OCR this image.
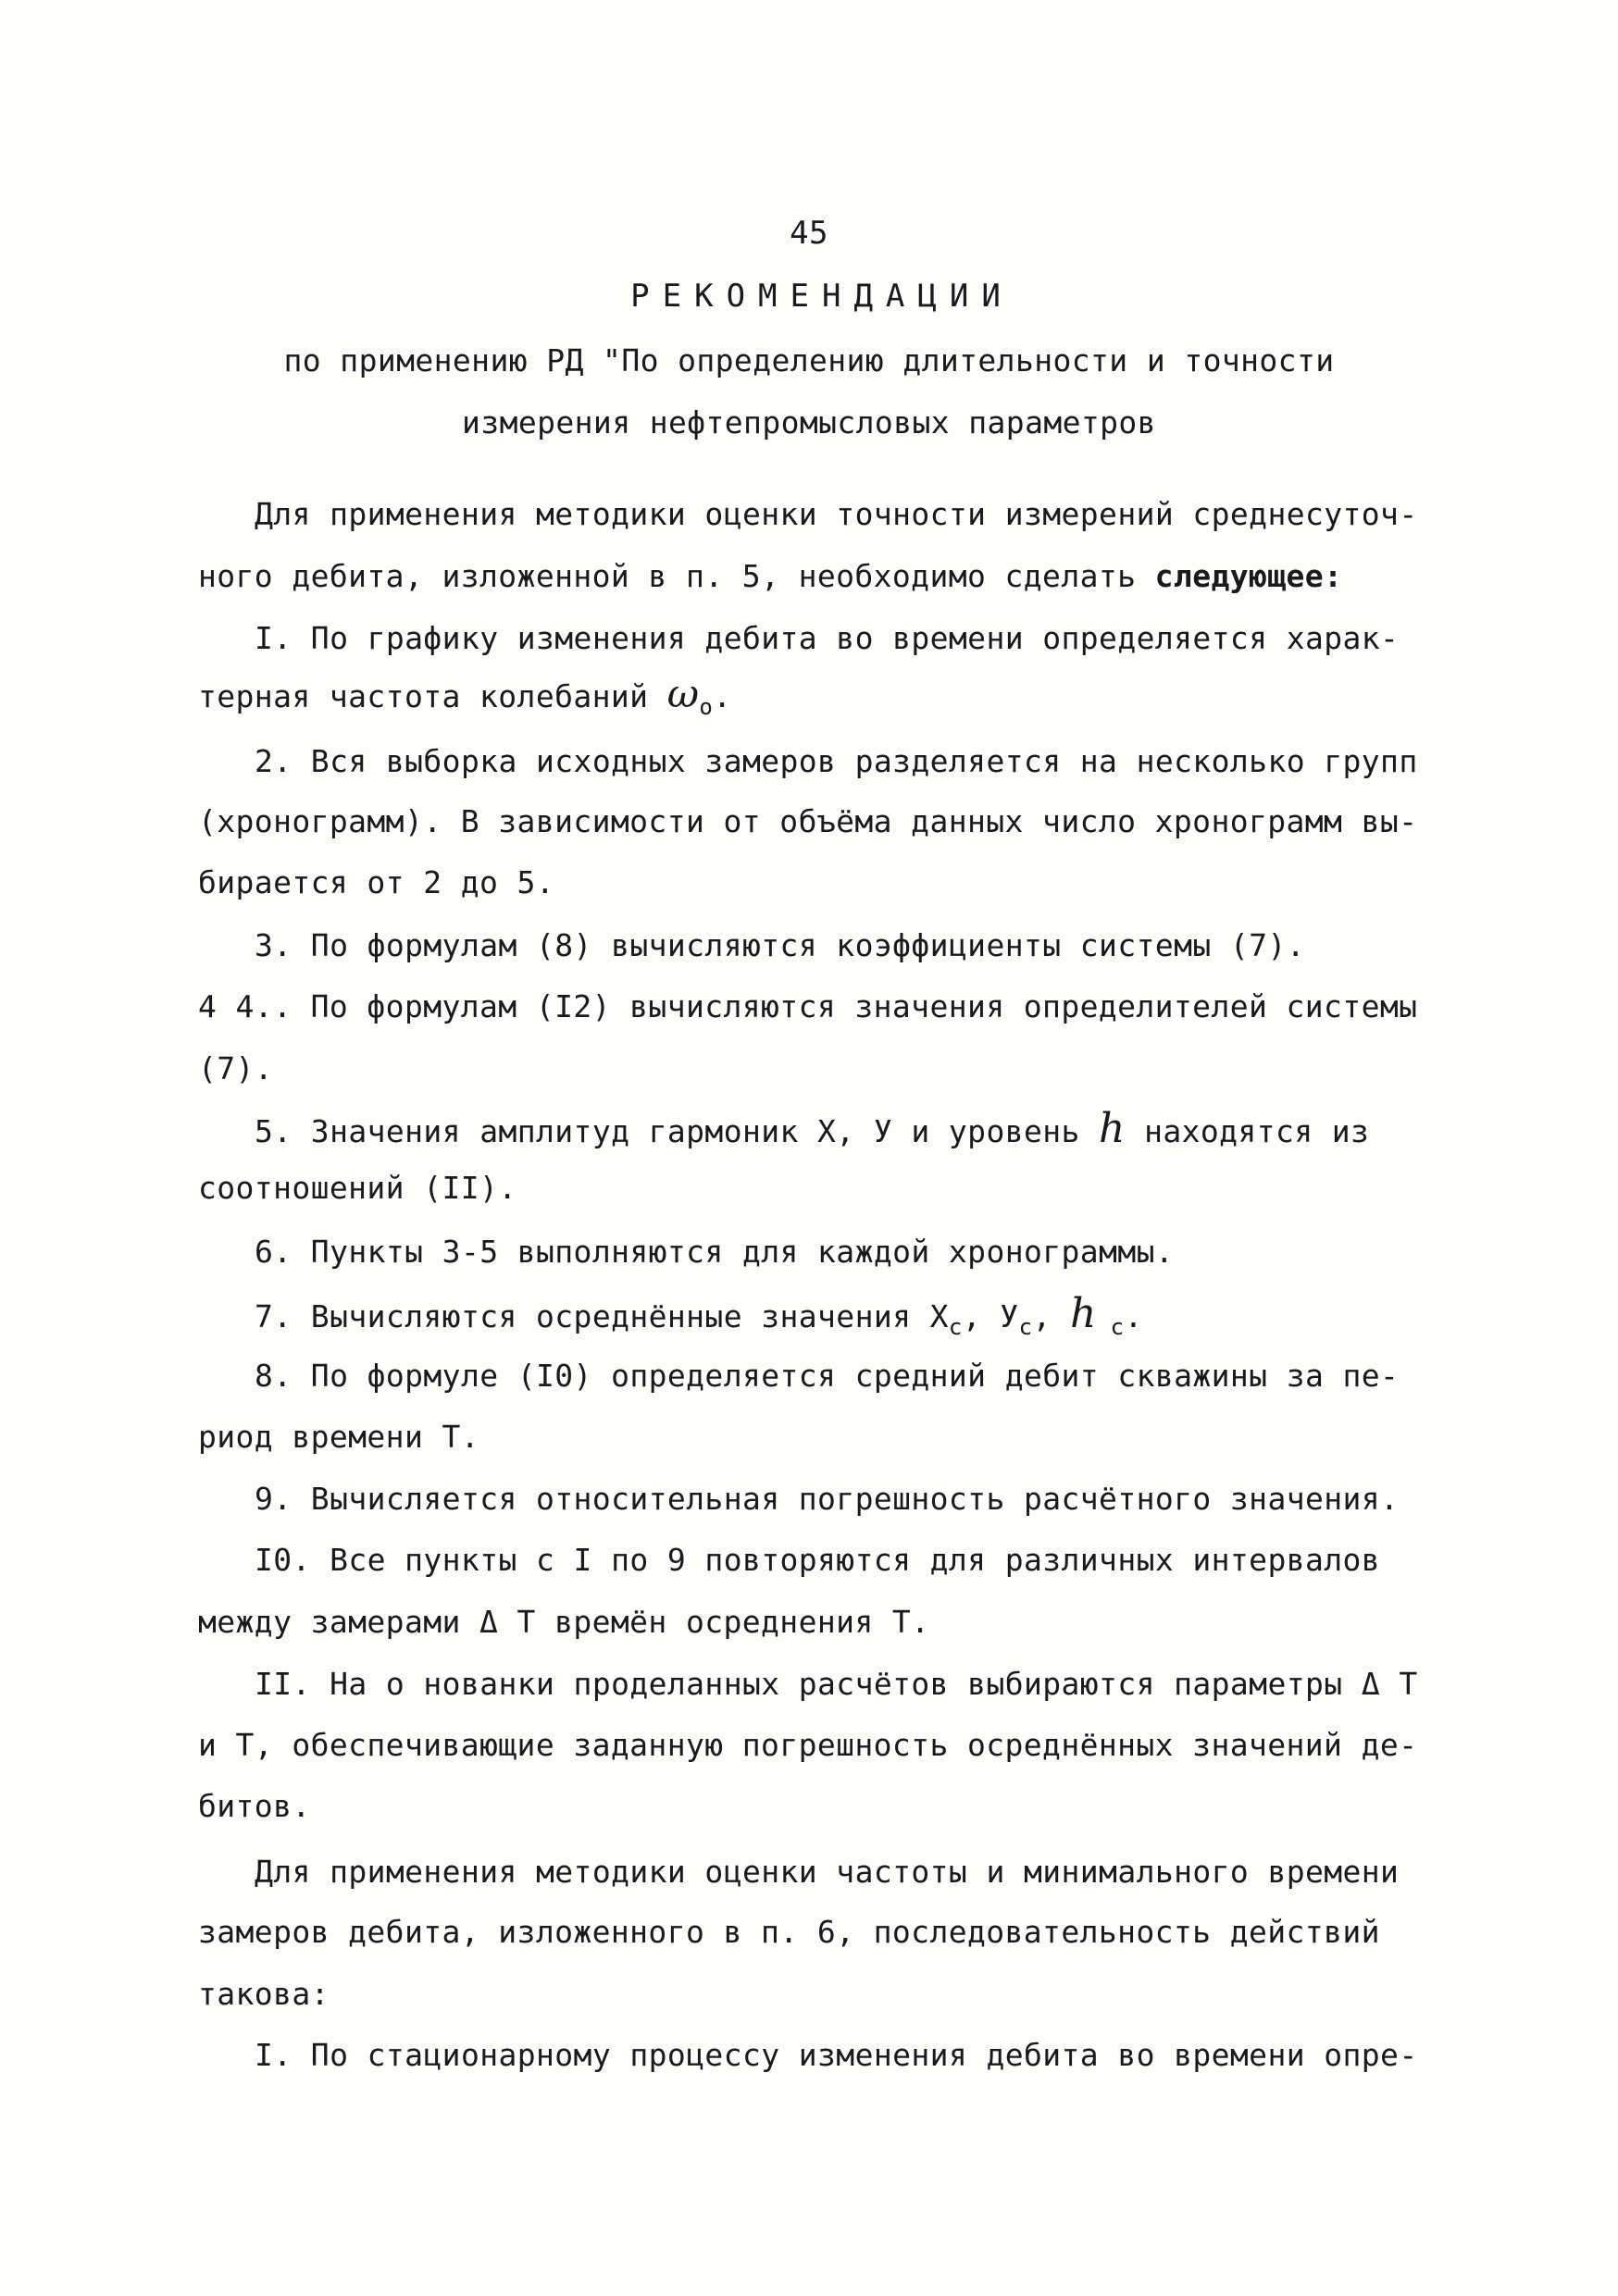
45
РЕКОМЕНДАЦИИ
по применению РД "По определению длительности и точности
измерения нефтепромысловых параметров
Для применения методики оценки точности измерений среднесуточ-
ного дебита, изложенной в п. 5, необходимо сделать следующее:
I. По графику изменения дебита во времени определяется харак-
терная частота колебаний $\omega_o$.
2. Вся выборка исходных замеров разделяется на несколько групп
(хронограмм). В зависимости от объёма данных число хронограмм вы-
бирается от 2 до 5.
3. По формулам (8) вычисляются коэффициенты системы (7).
4 4.. По формулам (I2) вычисляются значения определителей системы
(7).
5. Значения амплитуд гармоник X, У и уровень h находятся из
соотношений (II).
6. Пункты 3-5 выполняются для каждой хронограммы.
7. Вычисляются осреднённые значения $X_c$, $У_c$, h $_c$.
8. По формуле (I0) определяется средний дебит скважины за пе-
риод времени Т.
9. Вычисляется относительная погрешность расчётного значения.
I0. Все пункты с I по 9 повторяются для различных интервалов
между замерами Δ Т времён осреднения Т.
II. На о нованки проделанных расчётов выбираются параметры Δ Т
и Т, обеспечивающие заданную погрешность осреднённых значений де-
битов.
Для применения методики оценки частоты и минимального времени
замеров дебита, изложенного в п. 6, последовательность действий
такова:
I. По стационарному процессу изменения дебита во времени опре-
